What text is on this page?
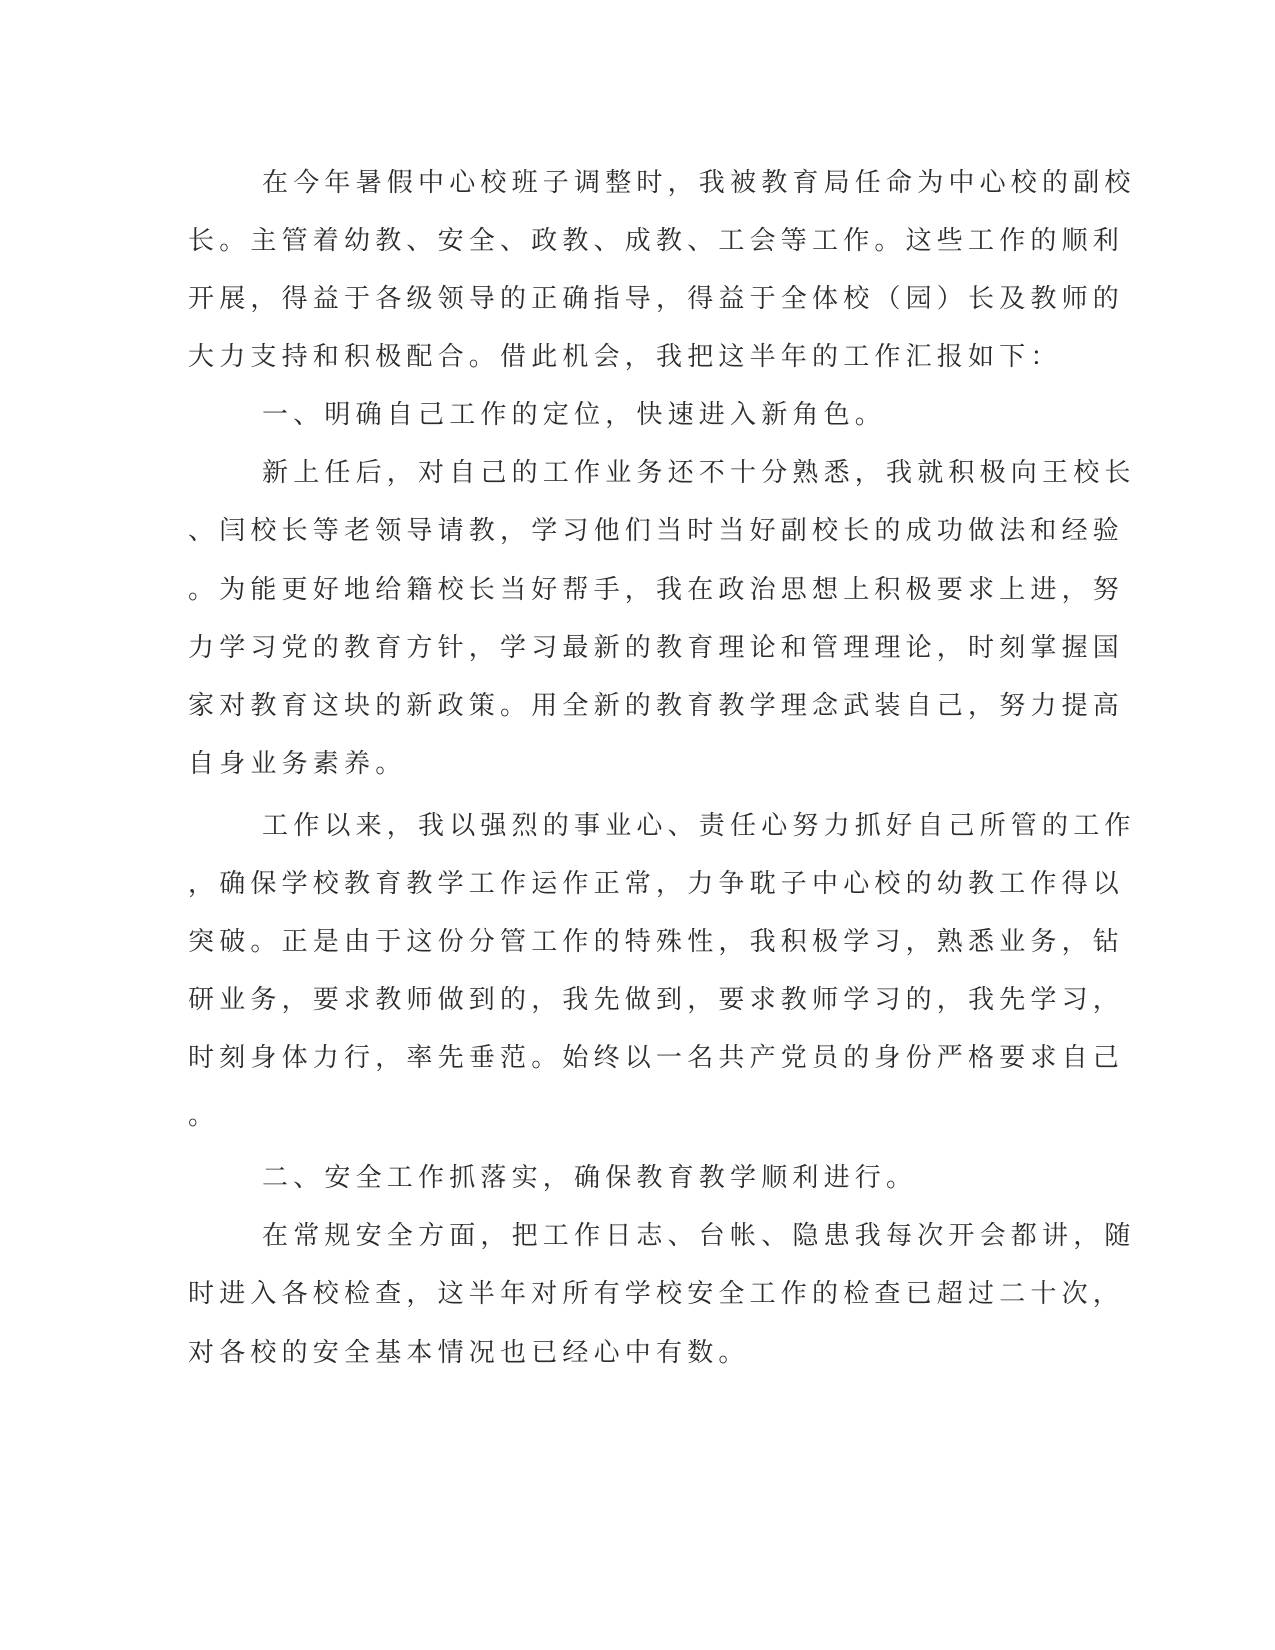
在今年暑假中心校班子调整时，我被教育局任命为中心校的副校
长。主管着幼教、安全、政教、成教、工会等工作。这些工作的顺利
开展，得益于各级领导的正确指导，得益于全体校（园）长及教师的
大力支持和积极配合。借此机会，我把这半年的工作汇报如下：
一、明确自己工作的定位，快速进入新角色。
新上任后，对自己的工作业务还不十分熟悉，我就积极向王校长
、闫校长等老领导请教，学习他们当时当好副校长的成功做法和经验
。为能更好地给籍校长当好帮手，我在政治思想上积极要求上进，努
力学习党的教育方针，学习最新的教育理论和管理理论，时刻掌握国
家对教育这块的新政策。用全新的教育教学理念武装自己，努力提高
自身业务素养。
工作以来，我以强烈的事业心、责任心努力抓好自己所管的工作
，确保学校教育教学工作运作正常，力争耽子中心校的幼教工作得以
突破。正是由于这份分管工作的特殊性，我积极学习，熟悉业务，钻
研业务，要求教师做到的，我先做到，要求教师学习的，我先学习，
时刻身体力行，率先垂范。始终以一名共产党员的身份严格要求自己
。
二、安全工作抓落实，确保教育教学顺利进行。
在常规安全方面，把工作日志、台帐、隐患我每次开会都讲，随
时进入各校检查，这半年对所有学校安全工作的检查已超过二十次，
对各校的安全基本情况也已经心中有数。
